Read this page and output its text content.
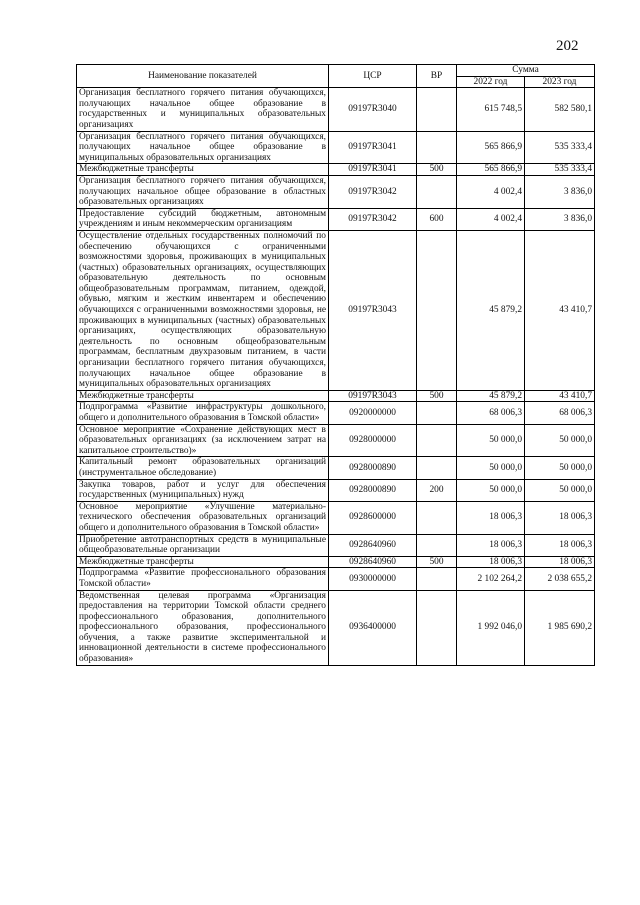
202
Наименование показателей	ЦСР	ВР	Сумма	
			2022 год	2023 год
Организация бесплатного горячего питания обучающихся, получающих начальное общее образование в государственных и муниципальных образовательных организациях	09197R3040		615 748,5	582 580,1
Организация бесплатного горячего питания обучающихся, получающих начальное общее образование в муниципальных образовательных организациях	09197R3041		565 866,9	535 333,4
Межбюджетные трансферты	09197R3041	500	565 866,9	535 333,4
Организация бесплатного горячего питания обучающихся, получающих начальное общее образование в областных образовательных организациях	09197R3042		4 002,4	3 836,0
Предоставление субсидий бюджетным, автономным учреждениям и иным некоммерческим организациям	09197R3042	600	4 002,4	3 836,0
Осуществление отдельных государственных полномочий по обеспечению обучающихся с ограниченными возможностями здоровья, проживающих в муниципальных (частных) образовательных организациях, осуществляющих образовательную деятельность по основным общеобразовательным программам, питанием, одеждой, обувью, мягким и жестким инвентарем и обеспечению обучающихся с ограниченными возможностями здоровья, не проживающих в муниципальных (частных) образовательных организациях, осуществляющих образовательную деятельность по основным общеобразовательным программам, бесплатным двухразовым питанием, в части организации бесплатного горячего питания обучающихся, получающих начальное общее образование в муниципальных образовательных организациях	09197R3043		45 879,2	43 410,7
Межбюджетные трансферты	09197R3043	500	45 879,2	43 410,7
Подпрограмма «Развитие инфраструктуры дошкольного, общего и дополнительного образования в Томской области»	0920000000		68 006,3	68 006,3
Основное мероприятие «Сохранение действующих мест в образовательных организациях (за исключением затрат на капитальное строительство)»	0928000000		50 000,0	50 000,0
Капитальный ремонт образовательных организаций (инструментальное обследование)	0928000890		50 000,0	50 000,0
Закупка товаров, работ и услуг для обеспечения государственных (муниципальных) нужд	0928000890	200	50 000,0	50 000,0
Основное мероприятие «Улучшение материально-технического обеспечения образовательных организаций общего и дополнительного образования в Томской области»	0928600000		18 006,3	18 006,3
Приобретение автотранспортных средств в муниципальные общеобразовательные организации	0928640960		18 006,3	18 006,3
Межбюджетные трансферты	0928640960	500	18 006,3	18 006,3
Подпрограмма «Развитие профессионального образования Томской области»	0930000000		2 102 264,2	2 038 655,2
Ведомственная целевая программа «Организация предоставления на территории Томской области среднего профессионального образования, дополнительного профессионального образования, профессионального обучения, а также развитие экспериментальной и инновационной деятельности в системе профессионального образования»	0936400000		1 992 046,0	1 985 690,2
